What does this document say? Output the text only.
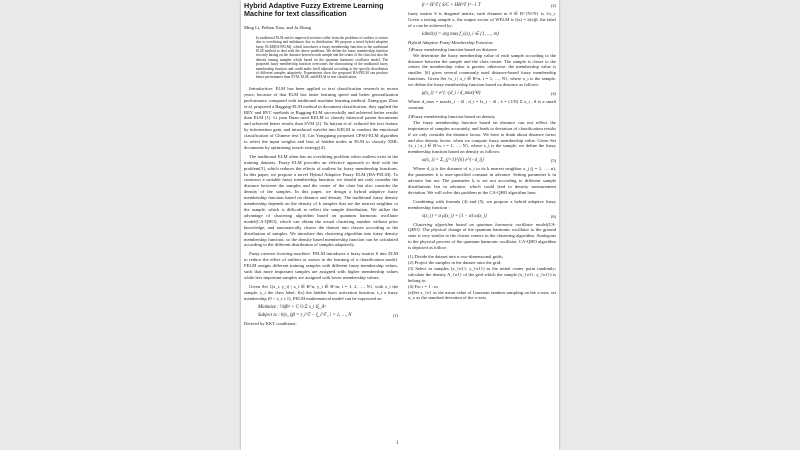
Hybrid Adaptive Fuzzy Extreme Learning Machine for text classification
Ming Li, Peihan Xiao, and Ju Zhang
In traditional ELM and its improved versions suffer from the problems of outliers or noises due to overfitting and imbalance due to distribution. We propose a novel hybrid adaptive fuzzy ELM(HA-FELM), which introduces a fuzzy membership function to the traditional ELM method to deal with the above problems. We define the fuzzy membership function not only basing on the distance between each sample and the center of the class but also the density among samples which based on the quantum harmonic oscillator model. The proposed fuzzy membership function overcomes the shortcoming of the traditional fuzzy membership function and could make itself adjusted according to the specific distribution of different samples adaptively. Experiments show the proposed HA-FELM can produce better performance than SVM, ELM, and RELM in text classification.

Introduction: ELM has been applied to text classification research in recent years, because of that ELM has faster learning speed and better generalization performance compared with traditional machine learning method. Xiang-guo Zhao et al. proposed a Bagging-ELM method in document classification, they applied the REV and RVC methods to Bagging-ELM successfully and achieved better results than ELM [1]. Li juan Duan used KELM to classify historical patent documents and achieved better results than SVM [2]. Yu haiyan et al. reduced the text feature by information gain, and introduced wavelet into KELM to conduct the emotional classification of Chinese text [3]. Lin Yongqiang proposed CPSO-ELM algorithm to select the input weights and bias of hidden nodes in ELM to classify XML documents by optimizing search strategy[4].

The traditional ELM often has an overfitting problem when outliers exist in the training datasets. Fuzzy ELM provides an effective approach to deal with the problem[5], which reduces the effects of outliers by fuzzy membership functions. In this paper, we propose a novel Hybrid Adaptive Fuzzy ELM (HA-FELM). To construct a suitable fuzzy membership function, we should not only consider the distance between the samples and the center of the class but also consider the density of the samples. In this paper, we design a hybrid adaptive fuzzy membership function based on distance and density. The traditional fuzzy density membership depends on the density of k samples that are the nearest neighbor to the sample, which is difficult to reflect the sample distribution. We utilize the advantage of clustering algorithm based on quantum harmonic oscillator model(CA-QHO), which can obtain the actual clustering number without prior knowledge, and automatically cluster the dataset into classes according to the distribution of samples. We introduce this clustering algorithm into fuzzy density membership function, so the density based membership function can be calculated according to the different distribution of samples adaptively.

Fuzzy extreme learning machine: FELM introduces a fuzzy matrix S into ELM to reduce the effect of outliers or noises in the learning of a classification model. FELM assigns different training samples with different fuzzy membership values, such that more important samples are assigned with higher membership values while less important samples are assigned with lower membership values.

Given Set {(x_i, y_i) | x_i ∈ R^n, y_i ∈ R^m, i = 1, 2, …, N}, with x_i the sample, y_i the class label, f(x) the hidden layer activation function, s_i a fuzzy membership (0 < s_i ≤ 1), FELM mathematical model can be expressed as:

Minimize : ½‖β‖² + C·½ Σ s_i ‖ξ_i‖²
Subject to : h(x_i)β = t_i^T − ξ_i^T , i = 1, …, N	(1)

Derived by KKT conditions:

β = H^T ( S/C + HH^T )^−1 T	(2)

fuzzy matrix S is diagonal matrix, each element in S ∈ R^{N×N} is 1/s_i. Given a testing sample x, the output vector of WELM is f(x) = h(x)β, the label of x can be achieved by:

label(x) = arg max f_i(x), i ∈ {1, …, m}
Hybrid Adaptive Fuzzy Membership Function:

1)Fuzzy membership function based on distance

We determine the fuzzy membership value of each sample according to the distance between the sample and the class center. The sample is closer to the center, the membership value is greater, otherwise, the membership value is smaller. [6] gives several commonly used distance-based fuzzy membership functions. Given Set {x_i | x_i ∈ R^n, i = 1, …, N}, where x_i is the sample, we define the fuzzy membership function based on distance as follows:

μ(x_i) = e^{−(d_i / d_max)^θ}	(4)

Where d_max = max‖x_i − x̄‖ , d_i = ‖x_i − x̄‖ , x̄ = (1/N) Σ x_i , θ is a small constant.

2)Fuzzy membership function based on density

The fuzzy membership function based on distance can not reflect the importance of samples accurately, and leads to deviation of classification results if we only consider the distance factor. We have to think about distance factor and also density factor, when we compute fuzzy membership value. Given Set {x_i | x_i ∈ R^n, i = 1, …, N}, where x_i is the sample, we define the fuzzy membership function based on density as follows:

ω(x_i) = Σ_{j=1}^{k} e^{−d_ij}	(5)

Where d_ij is the distance of x_i to its k nearest neighbor x_j (j = 1, …, n), the parameter k is user-specified constant in advance. Setting parameter k in advance but not The parameter k is set not according to different sample distributions but in advance, which could lead to density measurement deviation. We will solve this problem in the CA-QHO algorithm later.

Combining with formula (4) and (5), we propose a hybrid adaptive fuzzy membership function :

s(x_i) = α μ(x_i) + (1 − α) ω(x_i)	(6)

Clustering algorithm based on quantum harmonic oscillator model(CA-QHO): The physical change of the quantum harmonic oscillator to the ground state is very similar to the cluster centers in the clustering algorithm. Analogous to the physical process of the quantum harmonic oscillator, CA-QHO algorithm is depicted as follow:

(1) Divide the dataset into n two-dimensional grids;

(2) Project the samples in the dataset onto the grid;

(3) Select m samples (x_{σ1}, y_{σ1}) as the initial center point randomly; calculate the density A_{σ1} of the grid which the sample (x_{σ1}, y_{σ1}) is belong to;

(4) For i = 1 : m

(a)Set x_{σ} as the mean value of Gaussian random sampling on the x-axis, set σ_x as the standard deviation of the x-axis,

1
